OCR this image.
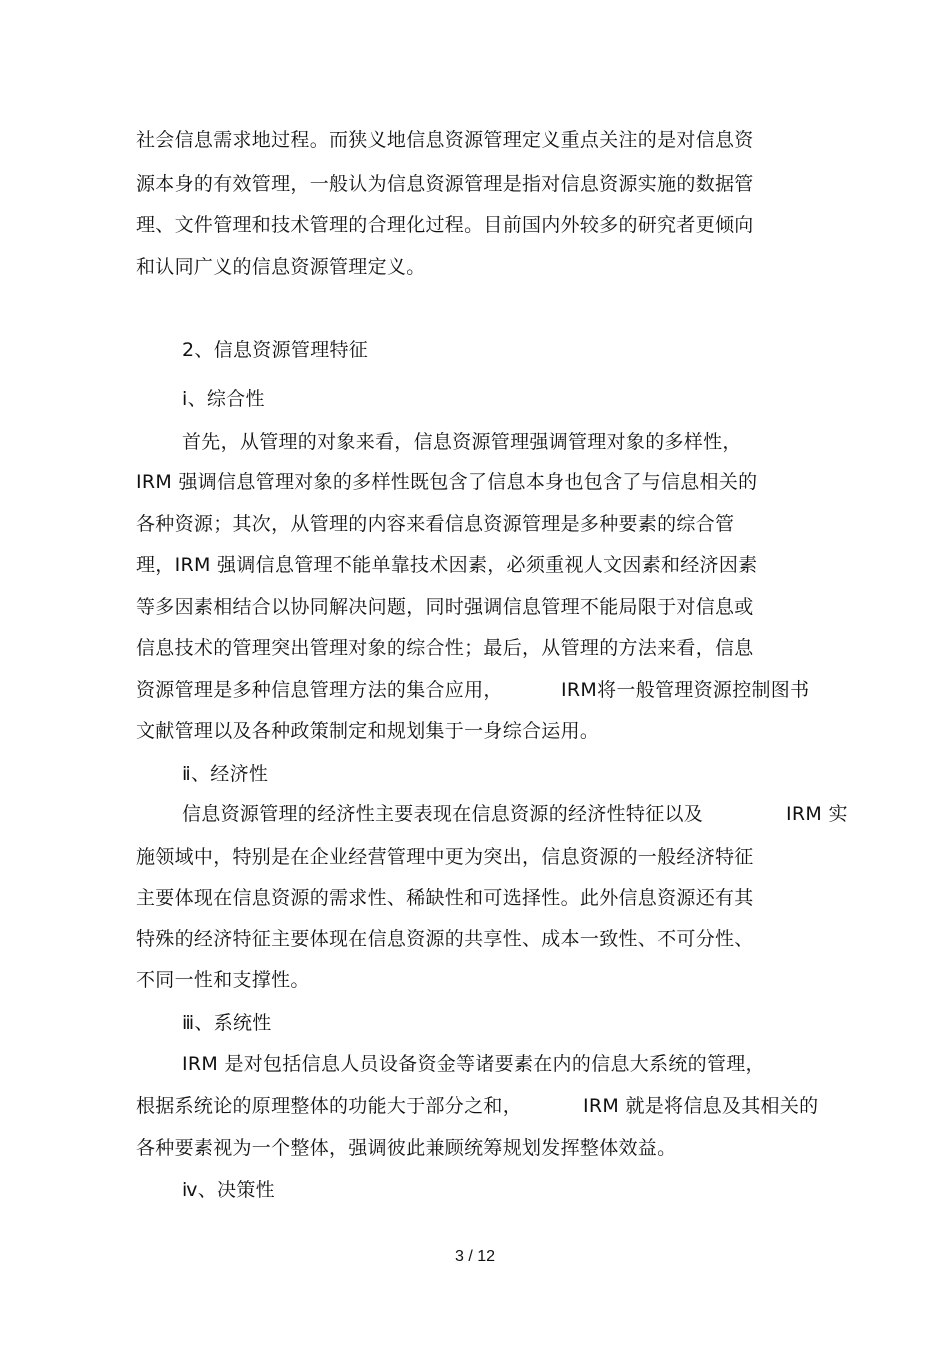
社会信息需求地过程。而狭义地信息资源管理定义重点关注的是对信息资
源本身的有效管理，一般认为信息资源管理是指对信息资源实施的数据管
理、文件管理和技术管理的合理化过程。目前国内外较多的研究者更倾向
和认同广义的信息资源管理定义。
2、信息资源管理特征
ⅰ、综合性
首先，从管理的对象来看，信息资源管理强调管理对象的多样性，
IRM 强调信息管理对象的多样性既包含了信息本身也包含了与信息相关的
各种资源；其次，从管理的内容来看信息资源管理是多种要素的综合管
理，IRM 强调信息管理不能单靠技术因素，必须重视人文因素和经济因素
等多因素相结合以协同解决问题，同时强调信息管理不能局限于对信息或
信息技术的管理突出管理对象的综合性；最后，从管理的方法来看，信息
资源管理是多种信息管理方法的集合应用，	IRM将一般管理资源控制图书
文献管理以及各种政策制定和规划集于一身综合运用。
ⅱ、经济性
信息资源管理的经济性主要表现在信息资源的经济性特征以及	IRM 实
施领域中，特别是在企业经营管理中更为突出，信息资源的一般经济特征
主要体现在信息资源的需求性、稀缺性和可选择性。此外信息资源还有其
特殊的经济特征主要体现在信息资源的共享性、成本一致性、不可分性、
不同一性和支撑性。
ⅲ、系统性
IRM 是对包括信息人员设备资金等诸要素在内的信息大系统的管理，
根据系统论的原理整体的功能大于部分之和，	IRM 就是将信息及其相关的
各种要素视为一个整体，强调彼此兼顾统筹规划发挥整体效益。
ⅳ、决策性
3 / 12
